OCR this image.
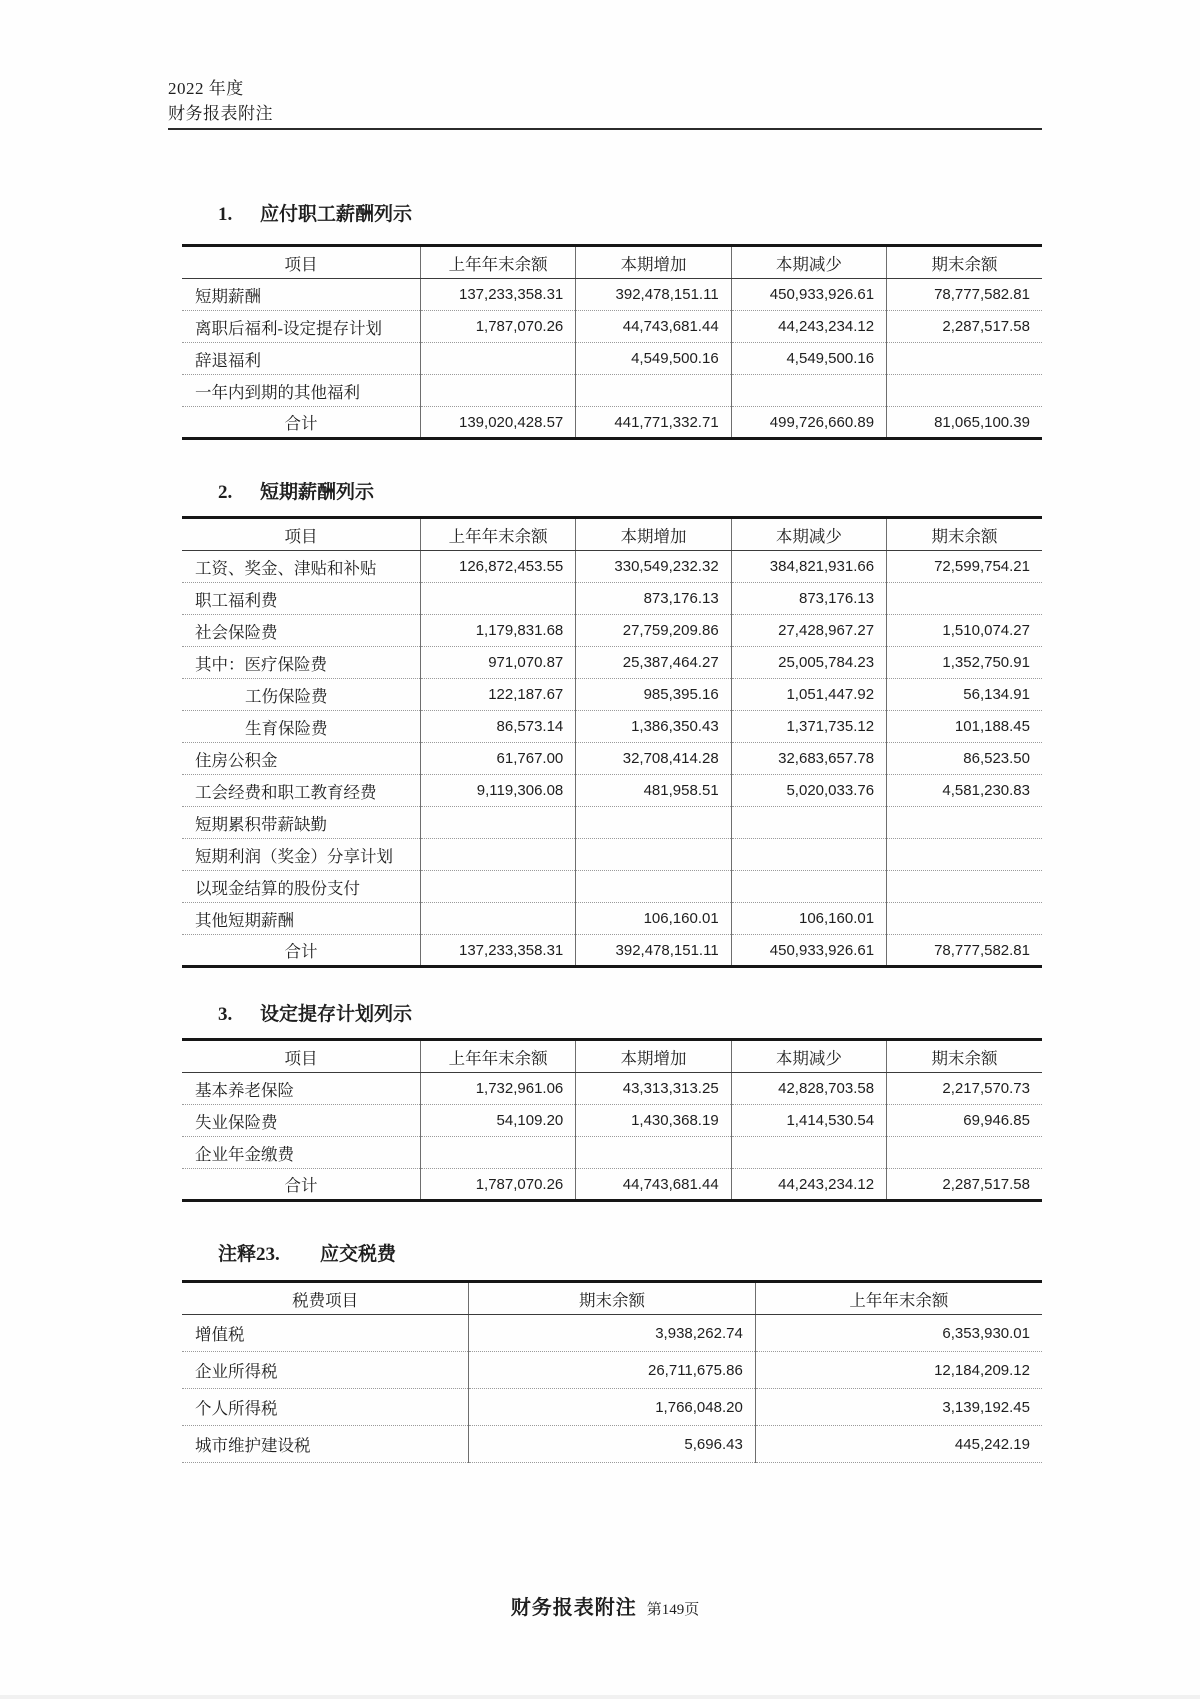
2022 年度
财务报表附注
1. 应付职工薪酬列示
项目	上年年末余额	本期增加	本期减少	期末余额
短期薪酬	137,233,358.31	392,478,151.11	450,933,926.61	78,777,582.81
离职后福利-设定提存计划	1,787,070.26	44,743,681.44	44,243,234.12	2,287,517.58
辞退福利		4,549,500.16	4,549,500.16	
一年内到期的其他福利				
合计	139,020,428.57	441,771,332.71	499,726,660.89	81,065,100.39
2. 短期薪酬列示
项目	上年年末余额	本期增加	本期减少	期末余额
工资、奖金、津贴和补贴	126,872,453.55	330,549,232.32	384,821,931.66	72,599,754.21
职工福利费		873,176.13	873,176.13	
社会保险费	1,179,831.68	27,759,209.86	27,428,967.27	1,510,074.27
其中：医疗保险费	971,070.87	25,387,464.27	25,005,784.23	1,352,750.91
工伤保险费	122,187.67	985,395.16	1,051,447.92	56,134.91
生育保险费	86,573.14	1,386,350.43	1,371,735.12	101,188.45
住房公积金	61,767.00	32,708,414.28	32,683,657.78	86,523.50
工会经费和职工教育经费	9,119,306.08	481,958.51	5,020,033.76	4,581,230.83
短期累积带薪缺勤				
短期利润（奖金）分享计划				
以现金结算的股份支付				
其他短期薪酬		106,160.01	106,160.01	
合计	137,233,358.31	392,478,151.11	450,933,926.61	78,777,582.81
3. 设定提存计划列示
项目	上年年末余额	本期增加	本期减少	期末余额
基本养老保险	1,732,961.06	43,313,313.25	42,828,703.58	2,217,570.73
失业保险费	54,109.20	1,430,368.19	1,414,530.54	69,946.85
企业年金缴费				
合计	1,787,070.26	44,743,681.44	44,243,234.12	2,287,517.58
注释23. 应交税费
税费项目	期末余额	上年年末余额
增值税	3,938,262.74	6,353,930.01
企业所得税	26,711,675.86	12,184,209.12
个人所得税	1,766,048.20	3,139,192.45
城市维护建设税	5,696.43	445,242.19
财务报表附注 第149页
